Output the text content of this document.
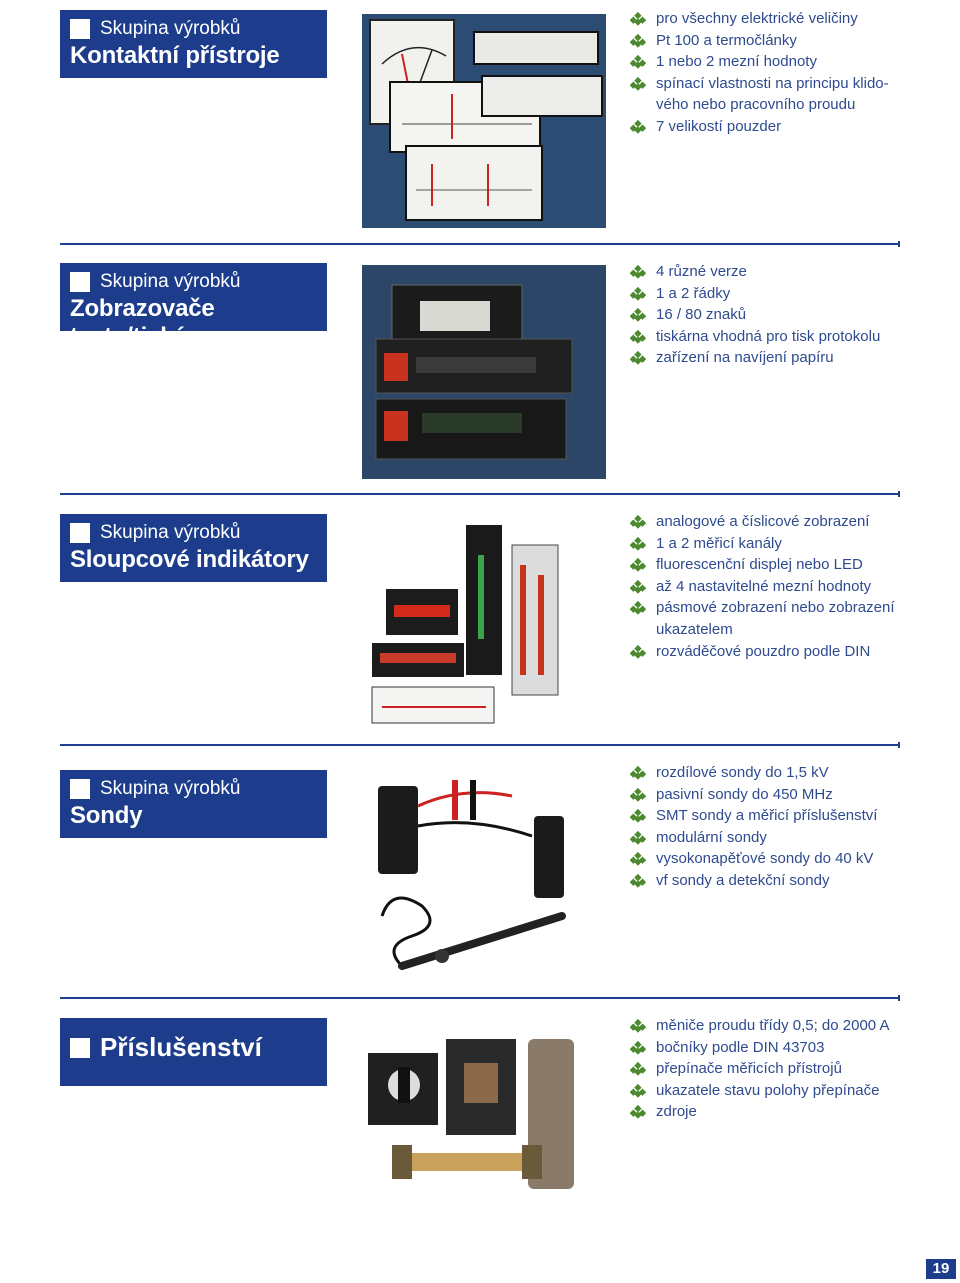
Skupina výrobků
Kontaktní přístroje
pro všechny elektrické veličiny
Pt 100 a termočlánky
1 nebo 2 mezní hodnoty
spínací vlastnosti na principu klido-
vého nebo pracovního proudu
7 velikostí pouzder
Skupina výrobků
Zobrazovače textu/tiskárny
4 různé verze
1 a 2 řádky
16 / 80 znaků
tiskárna vhodná pro tisk protokolu
zařízení na navíjení papíru
Skupina výrobků
Sloupcové indikátory
analogové a číslicové zobrazení
1 a 2 měřicí kanály
fluorescenční displej nebo LED
až 4 nastavitelné mezní hodnoty
pásmové zobrazení nebo zobrazení
ukazatelem
rozváděčové pouzdro podle DIN
Skupina výrobků
Sondy
rozdílové sondy do 1,5 kV
pasivní sondy do 450 MHz
SMT sondy a měřicí příslušenství
modulární sondy
vysokonapěťové sondy do 40 kV
vf sondy a detekční sondy
Příslušenství
měniče proudu třídy 0,5; do 2000 A
bočníky podle DIN 43703
přepínače měřicích přístrojů
ukazatele stavu polohy přepínače
zdroje
19
